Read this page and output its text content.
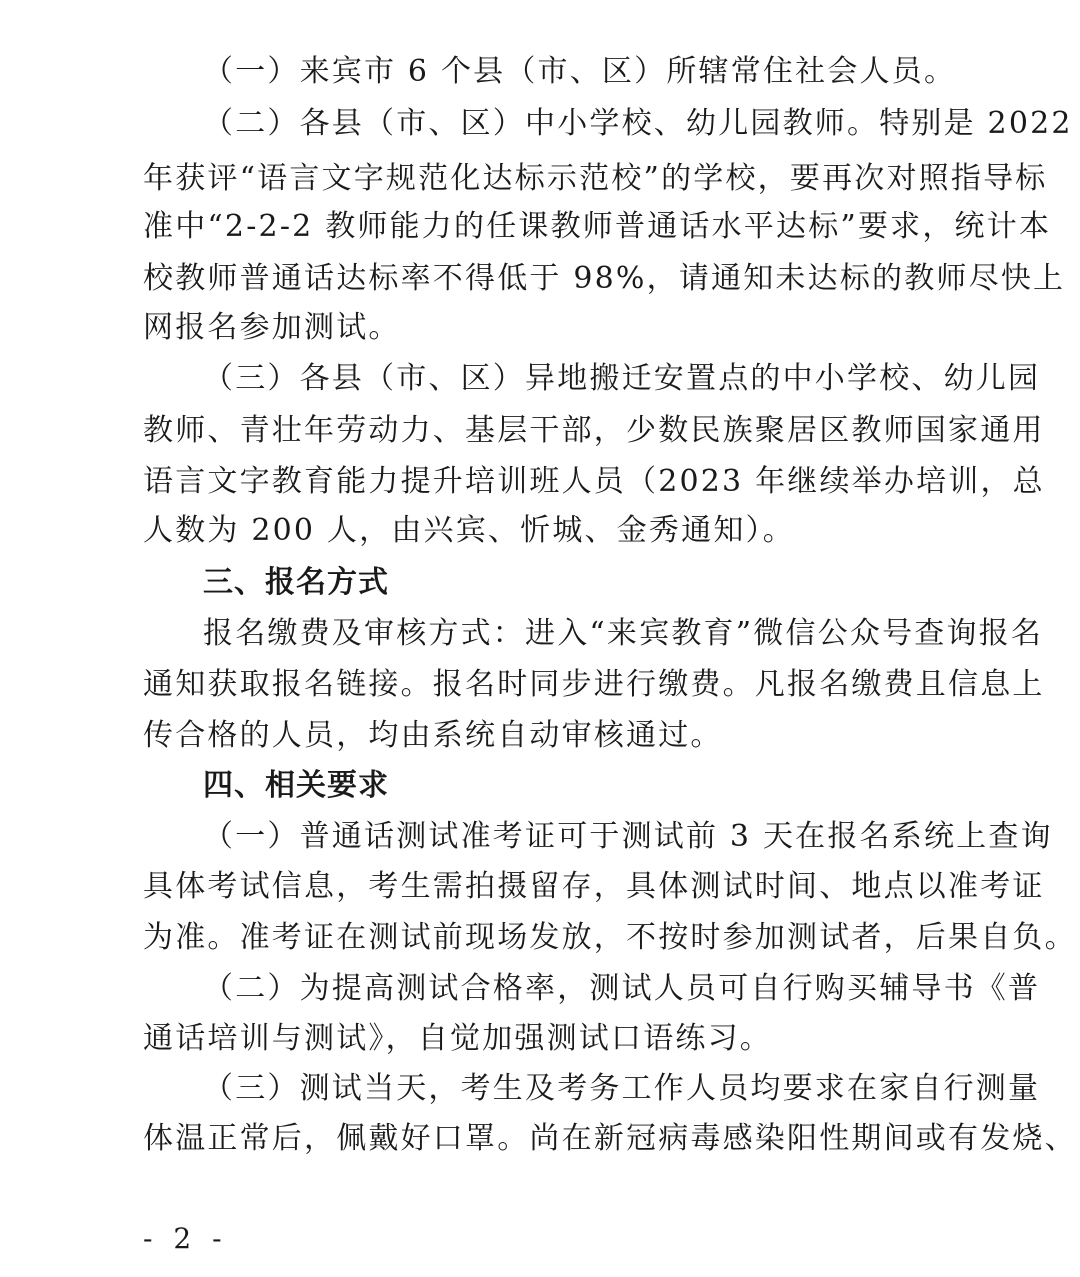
（一）来宾市 6 个县（市、区）所辖常住社会人员。
（二）各县（市、区）中小学校、幼儿园教师。特别是 2022
年获评“语言文字规范化达标示范校”的学校，要再次对照指导标
准中“2-2-2 教师能力的任课教师普通话水平达标”要求，统计本
校教师普通话达标率不得低于 98%，请通知未达标的教师尽快上
网报名参加测试。
（三）各县（市、区）异地搬迁安置点的中小学校、幼儿园
教师、青壮年劳动力、基层干部，少数民族聚居区教师国家通用
语言文字教育能力提升培训班人员（2023 年继续举办培训，总
人数为 200 人，由兴宾、忻城、金秀通知）。
三、报名方式
报名缴费及审核方式：进入“来宾教育”微信公众号查询报名
通知获取报名链接。报名时同步进行缴费。凡报名缴费且信息上
传合格的人员，均由系统自动审核通过。
四、相关要求
（一）普通话测试准考证可于测试前 3 天在报名系统上查询
具体考试信息，考生需拍摄留存，具体测试时间、地点以准考证
为准。准考证在测试前现场发放，不按时参加测试者，后果自负。
（二）为提高测试合格率，测试人员可自行购买辅导书《普
通话培训与测试》，自觉加强测试口语练习。
（三）测试当天，考生及考务工作人员均要求在家自行测量
体温正常后，佩戴好口罩。尚在新冠病毒感染阳性期间或有发烧、
- 2 -
